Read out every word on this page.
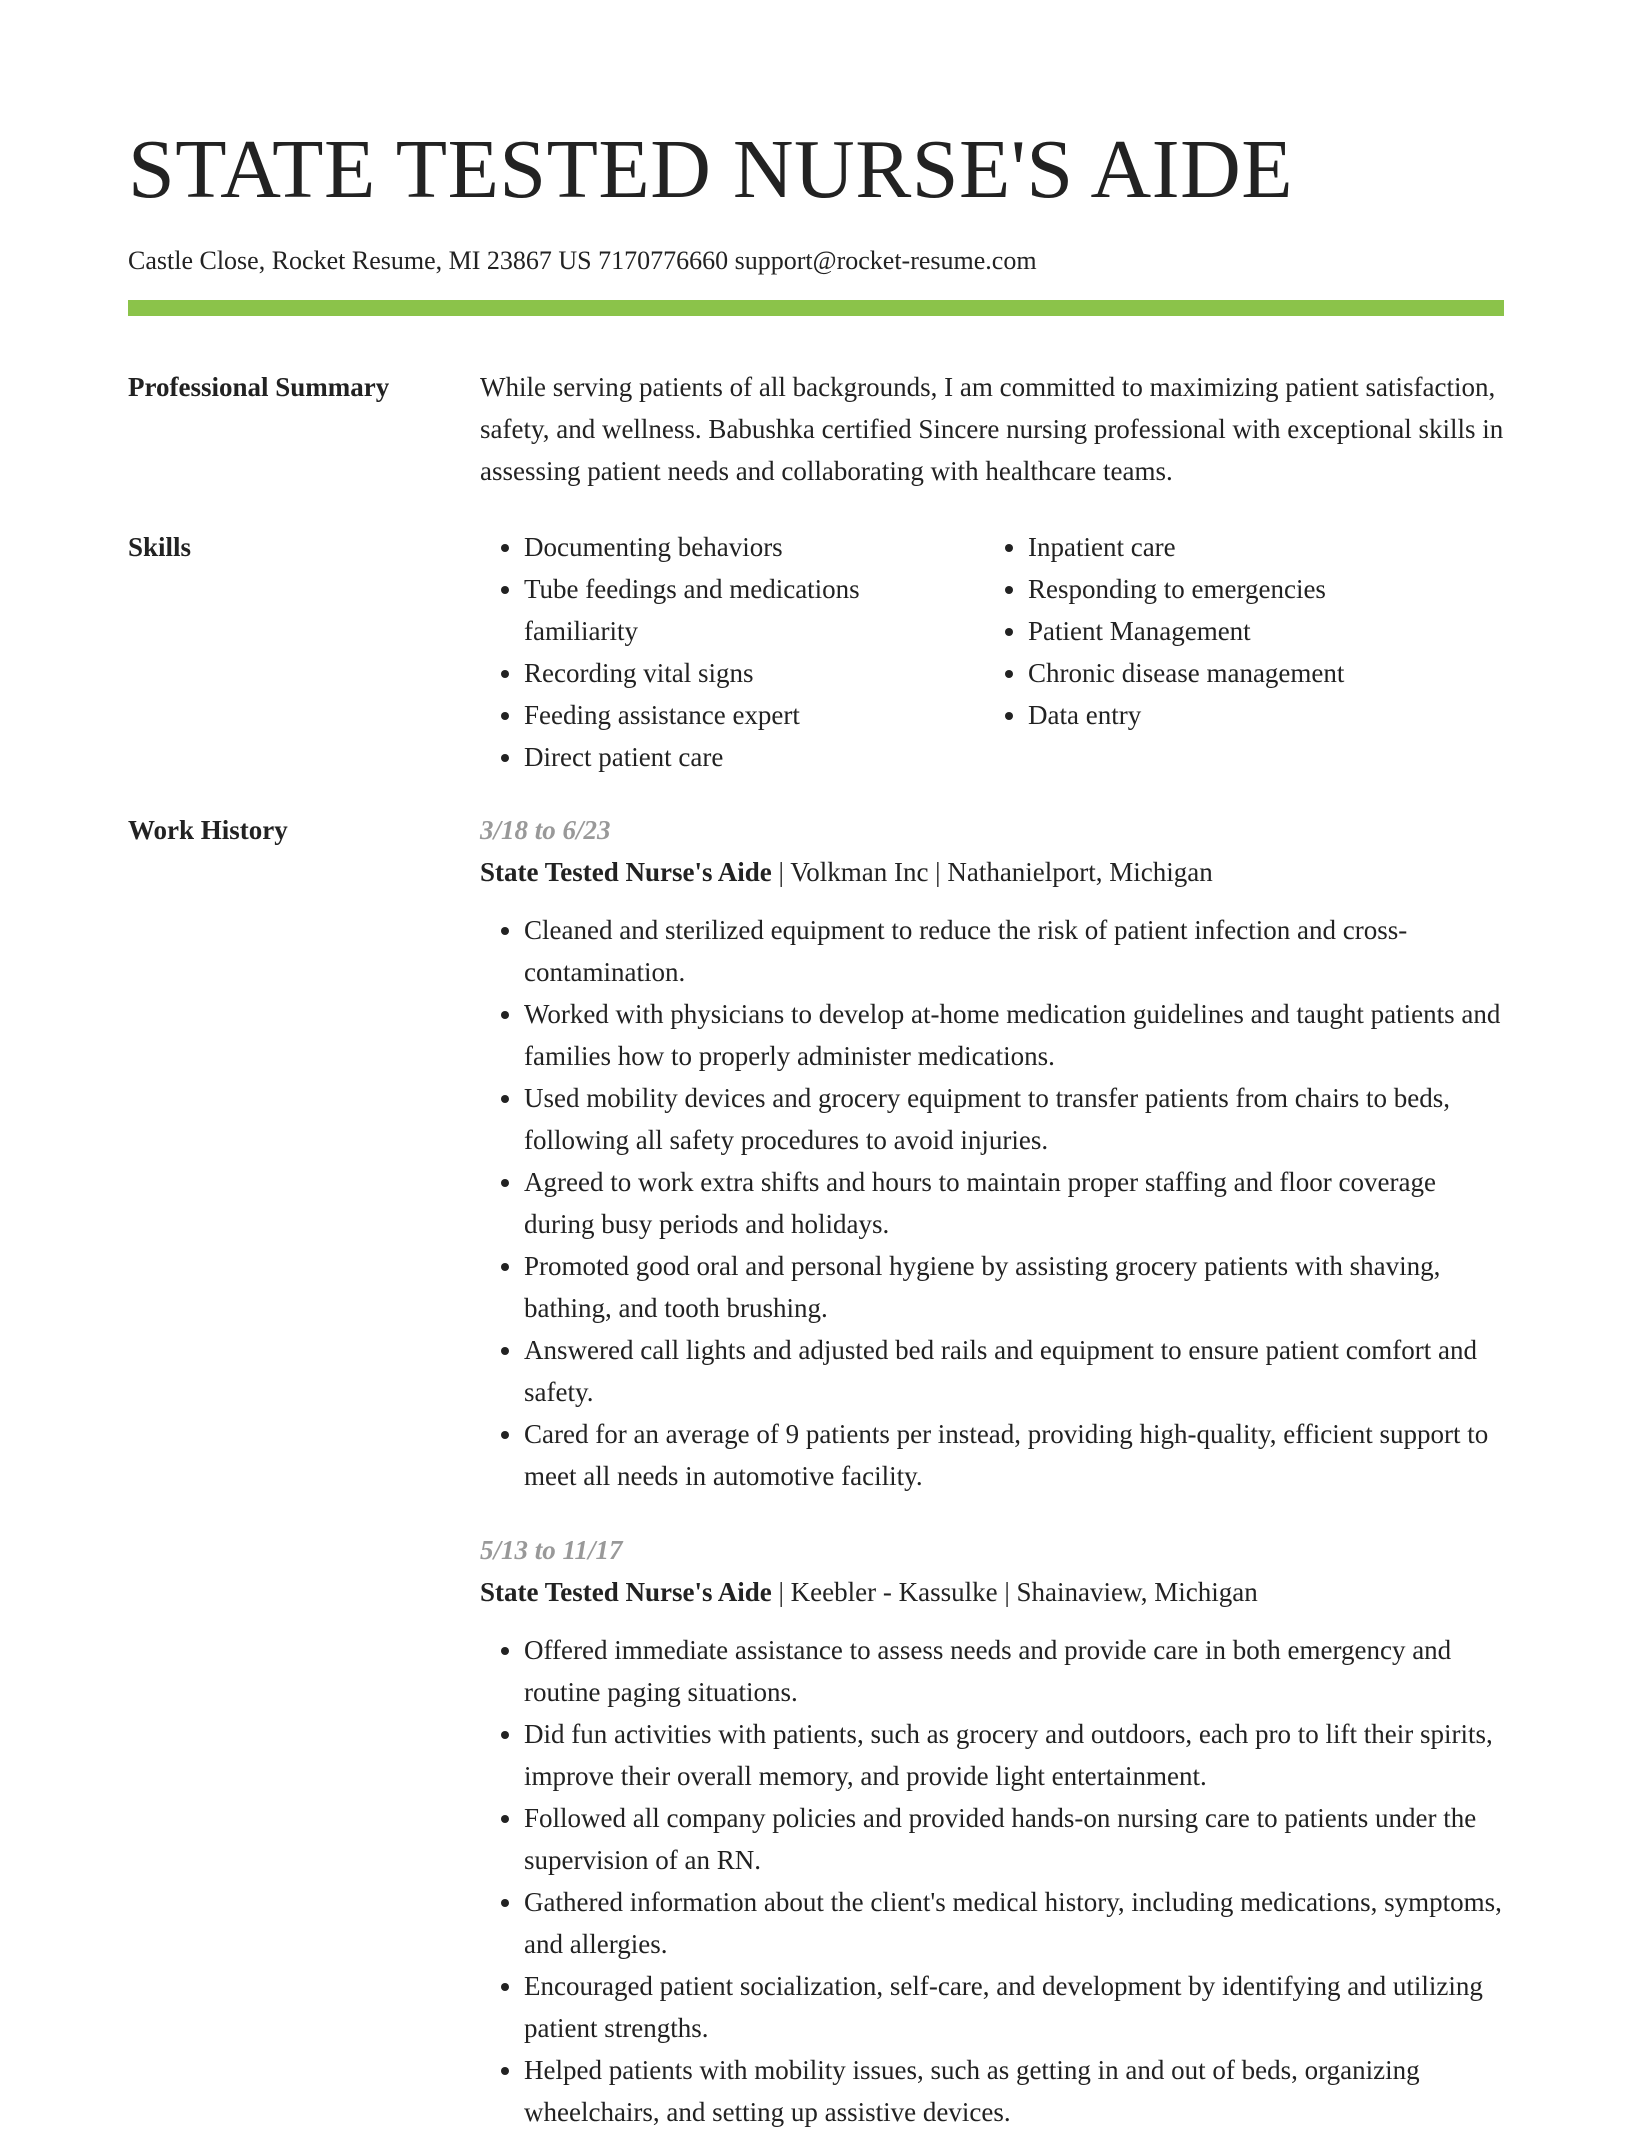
STATE TESTED NURSE'S AIDE
Castle Close, Rocket Resume, MI 23867 US 7170776660 support@rocket-resume.com
Professional Summary	While serving patients of all backgrounds, I am committed to maximizing patient satisfaction, safety, and wellness. Babushka certified Sincere nursing professional with exceptional skills in assessing patient needs and collaborating with healthcare teams.
Skills
•	Documenting behaviors
• Tube feedings and medications familiarity
• Recording vital signs
• Feeding assistance expert
• Direct patient care
• Inpatient care
• Responding to emergencies
• Patient Management
• Chronic disease management
• Data entry
Work History	3/18 to 6/23
State Tested Nurse's Aide | Volkman Inc | Nathanielport, Michigan
• Cleaned and sterilized equipment to reduce the risk of patient infection and cross-contamination.
• Worked with physicians to develop at-home medication guidelines and taught patients and families how to properly administer medications.
• Used mobility devices and grocery equipment to transfer patients from chairs to beds, following all safety procedures to avoid injuries.
• Agreed to work extra shifts and hours to maintain proper staffing and floor coverage during busy periods and holidays.
• Promoted good oral and personal hygiene by assisting grocery patients with shaving, bathing, and tooth brushing.
• Answered call lights and adjusted bed rails and equipment to ensure patient comfort and safety.
• Cared for an average of 9 patients per instead, providing high-quality, efficient support to meet all needs in automotive facility.
5/13 to 11/17
State Tested Nurse's Aide | Keebler - Kassulke | Shainaview, Michigan
• Offered immediate assistance to assess needs and provide care in both emergency and routine paging situations.
• Did fun activities with patients, such as grocery and outdoors, each pro to lift their spirits, improve their overall memory, and provide light entertainment.
• Followed all company policies and provided hands-on nursing care to patients under the supervision of an RN.
• Gathered information about the client's medical history, including medications, symptoms, and allergies.
• Encouraged patient socialization, self-care, and development by identifying and utilizing patient strengths.
• Helped patients with mobility issues, such as getting in and out of beds, organizing wheelchairs, and setting up assistive devices.
